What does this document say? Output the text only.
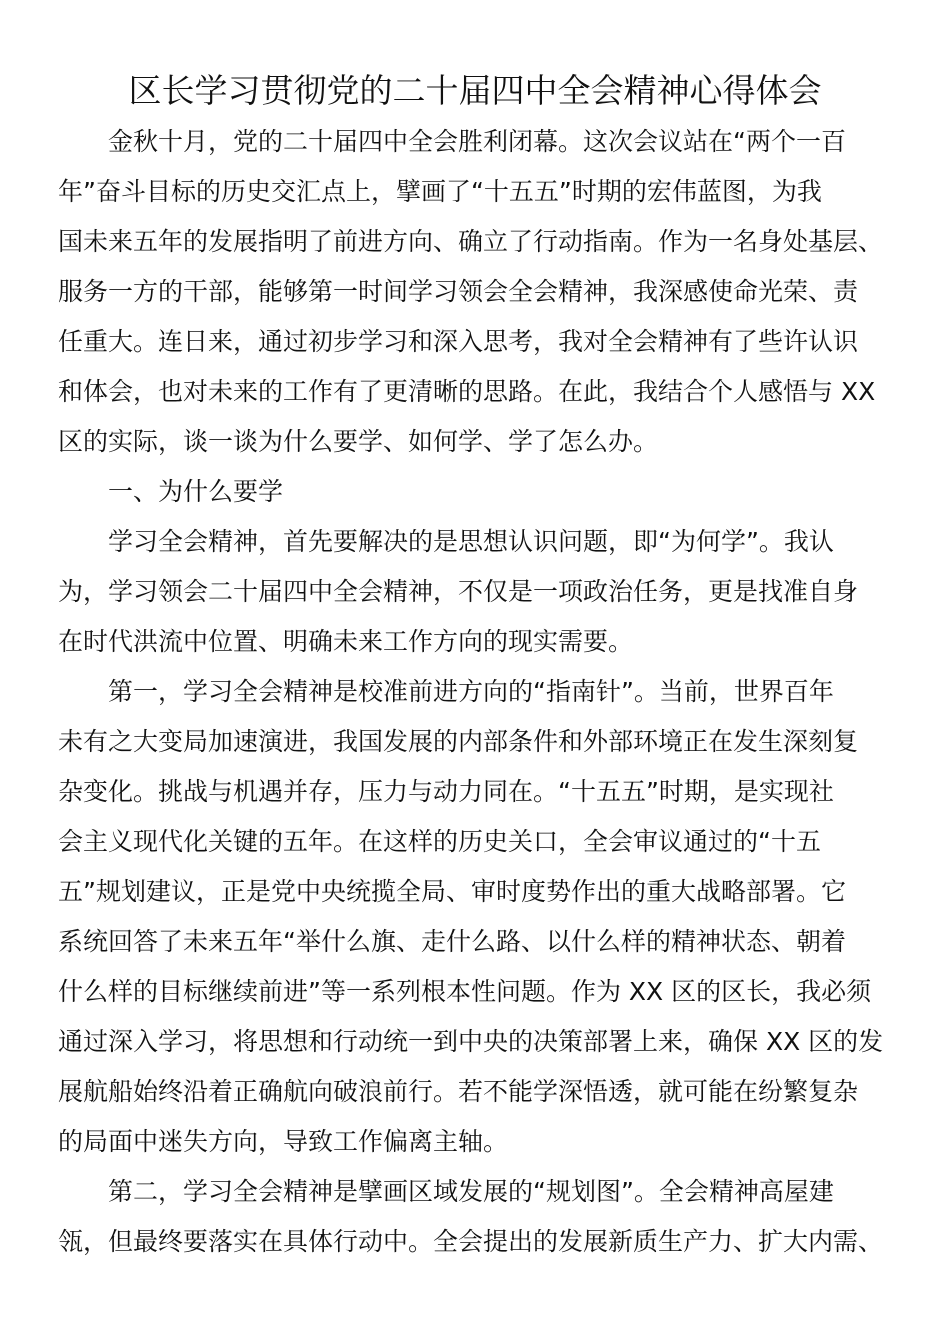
区长学习贯彻党的二十届四中全会精神心得体会

金秋十月，党的二十届四中全会胜利闭幕。这次会议站在“两个一百
年”奋斗目标的历史交汇点上，擘画了“十五五”时期的宏伟蓝图，为我
国未来五年的发展指明了前进方向、确立了行动指南。作为一名身处基层、
服务一方的干部，能够第一时间学习领会全会精神，我深感使命光荣、责
任重大。连日来，通过初步学习和深入思考，我对全会精神有了些许认识
和体会，也对未来的工作有了更清晰的思路。在此，我结合个人感悟与 XX
区的实际，谈一谈为什么要学、如何学、学了怎么办。

一、为什么要学

学习全会精神，首先要解决的是思想认识问题，即“为何学”。我认
为，学习领会二十届四中全会精神，不仅是一项政治任务，更是找准自身
在时代洪流中位置、明确未来工作方向的现实需要。

第一，学习全会精神是校准前进方向的“指南针”。当前，世界百年
未有之大变局加速演进，我国发展的内部条件和外部环境正在发生深刻复
杂变化。挑战与机遇并存，压力与动力同在。“十五五”时期，是实现社
会主义现代化关键的五年。在这样的历史关口，全会审议通过的“十五
五”规划建议，正是党中央统揽全局、审时度势作出的重大战略部署。它
系统回答了未来五年“举什么旗、走什么路、以什么样的精神状态、朝着
什么样的目标继续前进”等一系列根本性问题。作为 XX 区的区长，我必须
通过深入学习，将思想和行动统一到中央的决策部署上来，确保 XX 区的发
展航船始终沿着正确航向破浪前行。若不能学深悟透，就可能在纷繁复杂
的局面中迷失方向，导致工作偏离主轴。

第二，学习全会精神是擘画区域发展的“规划图”。全会精神高屋建
瓴，但最终要落实在具体行动中。全会提出的发展新质生产力、扩大内需、
